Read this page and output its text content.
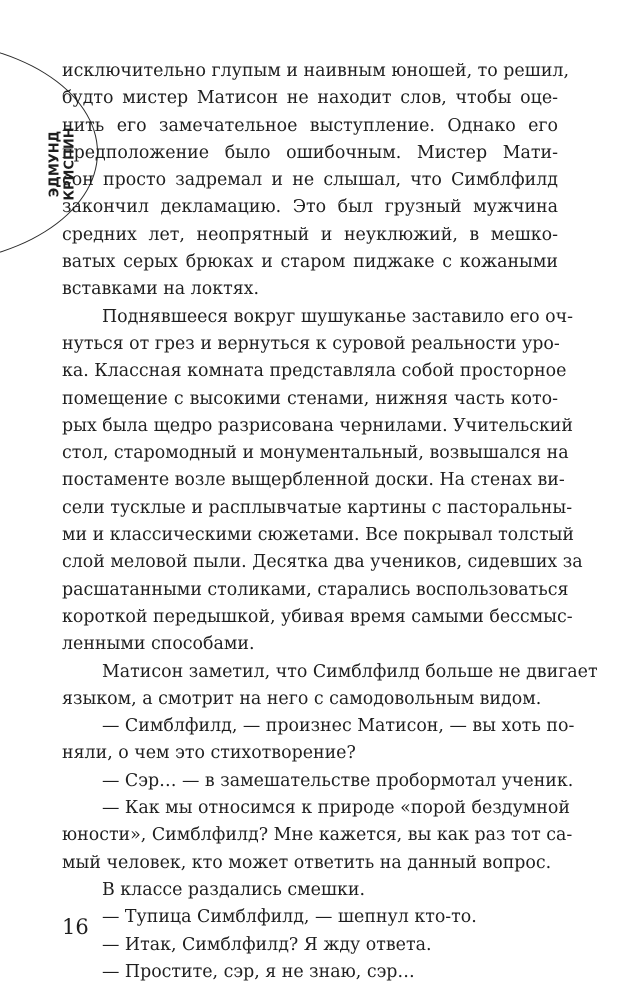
ЭДМУНД КРИСПИН
исключительно глупым и наивным юношей, то решил,
будто мистер Матисон не находит слов, чтобы оце-
нить его замечательное выступление. Однако его
предположение было ошибочным. Мистер Мати-
сон просто задремал и не слышал, что Симблфилд
закончил декламацию. Это был грузный мужчина
средних лет, неопрятный и неуклюжий, в мешко-
ватых серых брюках и старом пиджаке с кожаными
вставками на локтях.
Поднявшееся вокруг шушуканье заставило его оч-
нуться от грез и вернуться к суровой реальности уро-
ка. Классная комната представляла собой просторное
помещение с высокими стенами, нижняя часть кото-
рых была щедро разрисована чернилами. Учительский
стол, старомодный и монументальный, возвышался на
постаменте возле выщербленной доски. На стенах ви-
сели тусклые и расплывчатые картины с пасторальны-
ми и классическими сюжетами. Все покрывал толстый
слой меловой пыли. Десятка два учеников, сидевших за
расшатанными столиками, старались воспользоваться
короткой передышкой, убивая время самыми бессмыс-
ленными способами.
Матисон заметил, что Симблфилд больше не двигает
языком, а смотрит на него с самодовольным видом.
— Симблфилд, — произнес Матисон, — вы хоть по-
няли, о чем это стихотворение?
— Сэр… — в замешательстве пробормотал ученик.
— Как мы относимся к природе «порой бездумной
юности», Симблфилд? Мне кажется, вы как раз тот са-
мый человек, кто может ответить на данный вопрос.
В классе раздались смешки.
— Тупица Симблфилд, — шепнул кто-то.
— Итак, Симблфилд? Я жду ответа.
— Простите, сэр, я не знаю, сэр…
16
